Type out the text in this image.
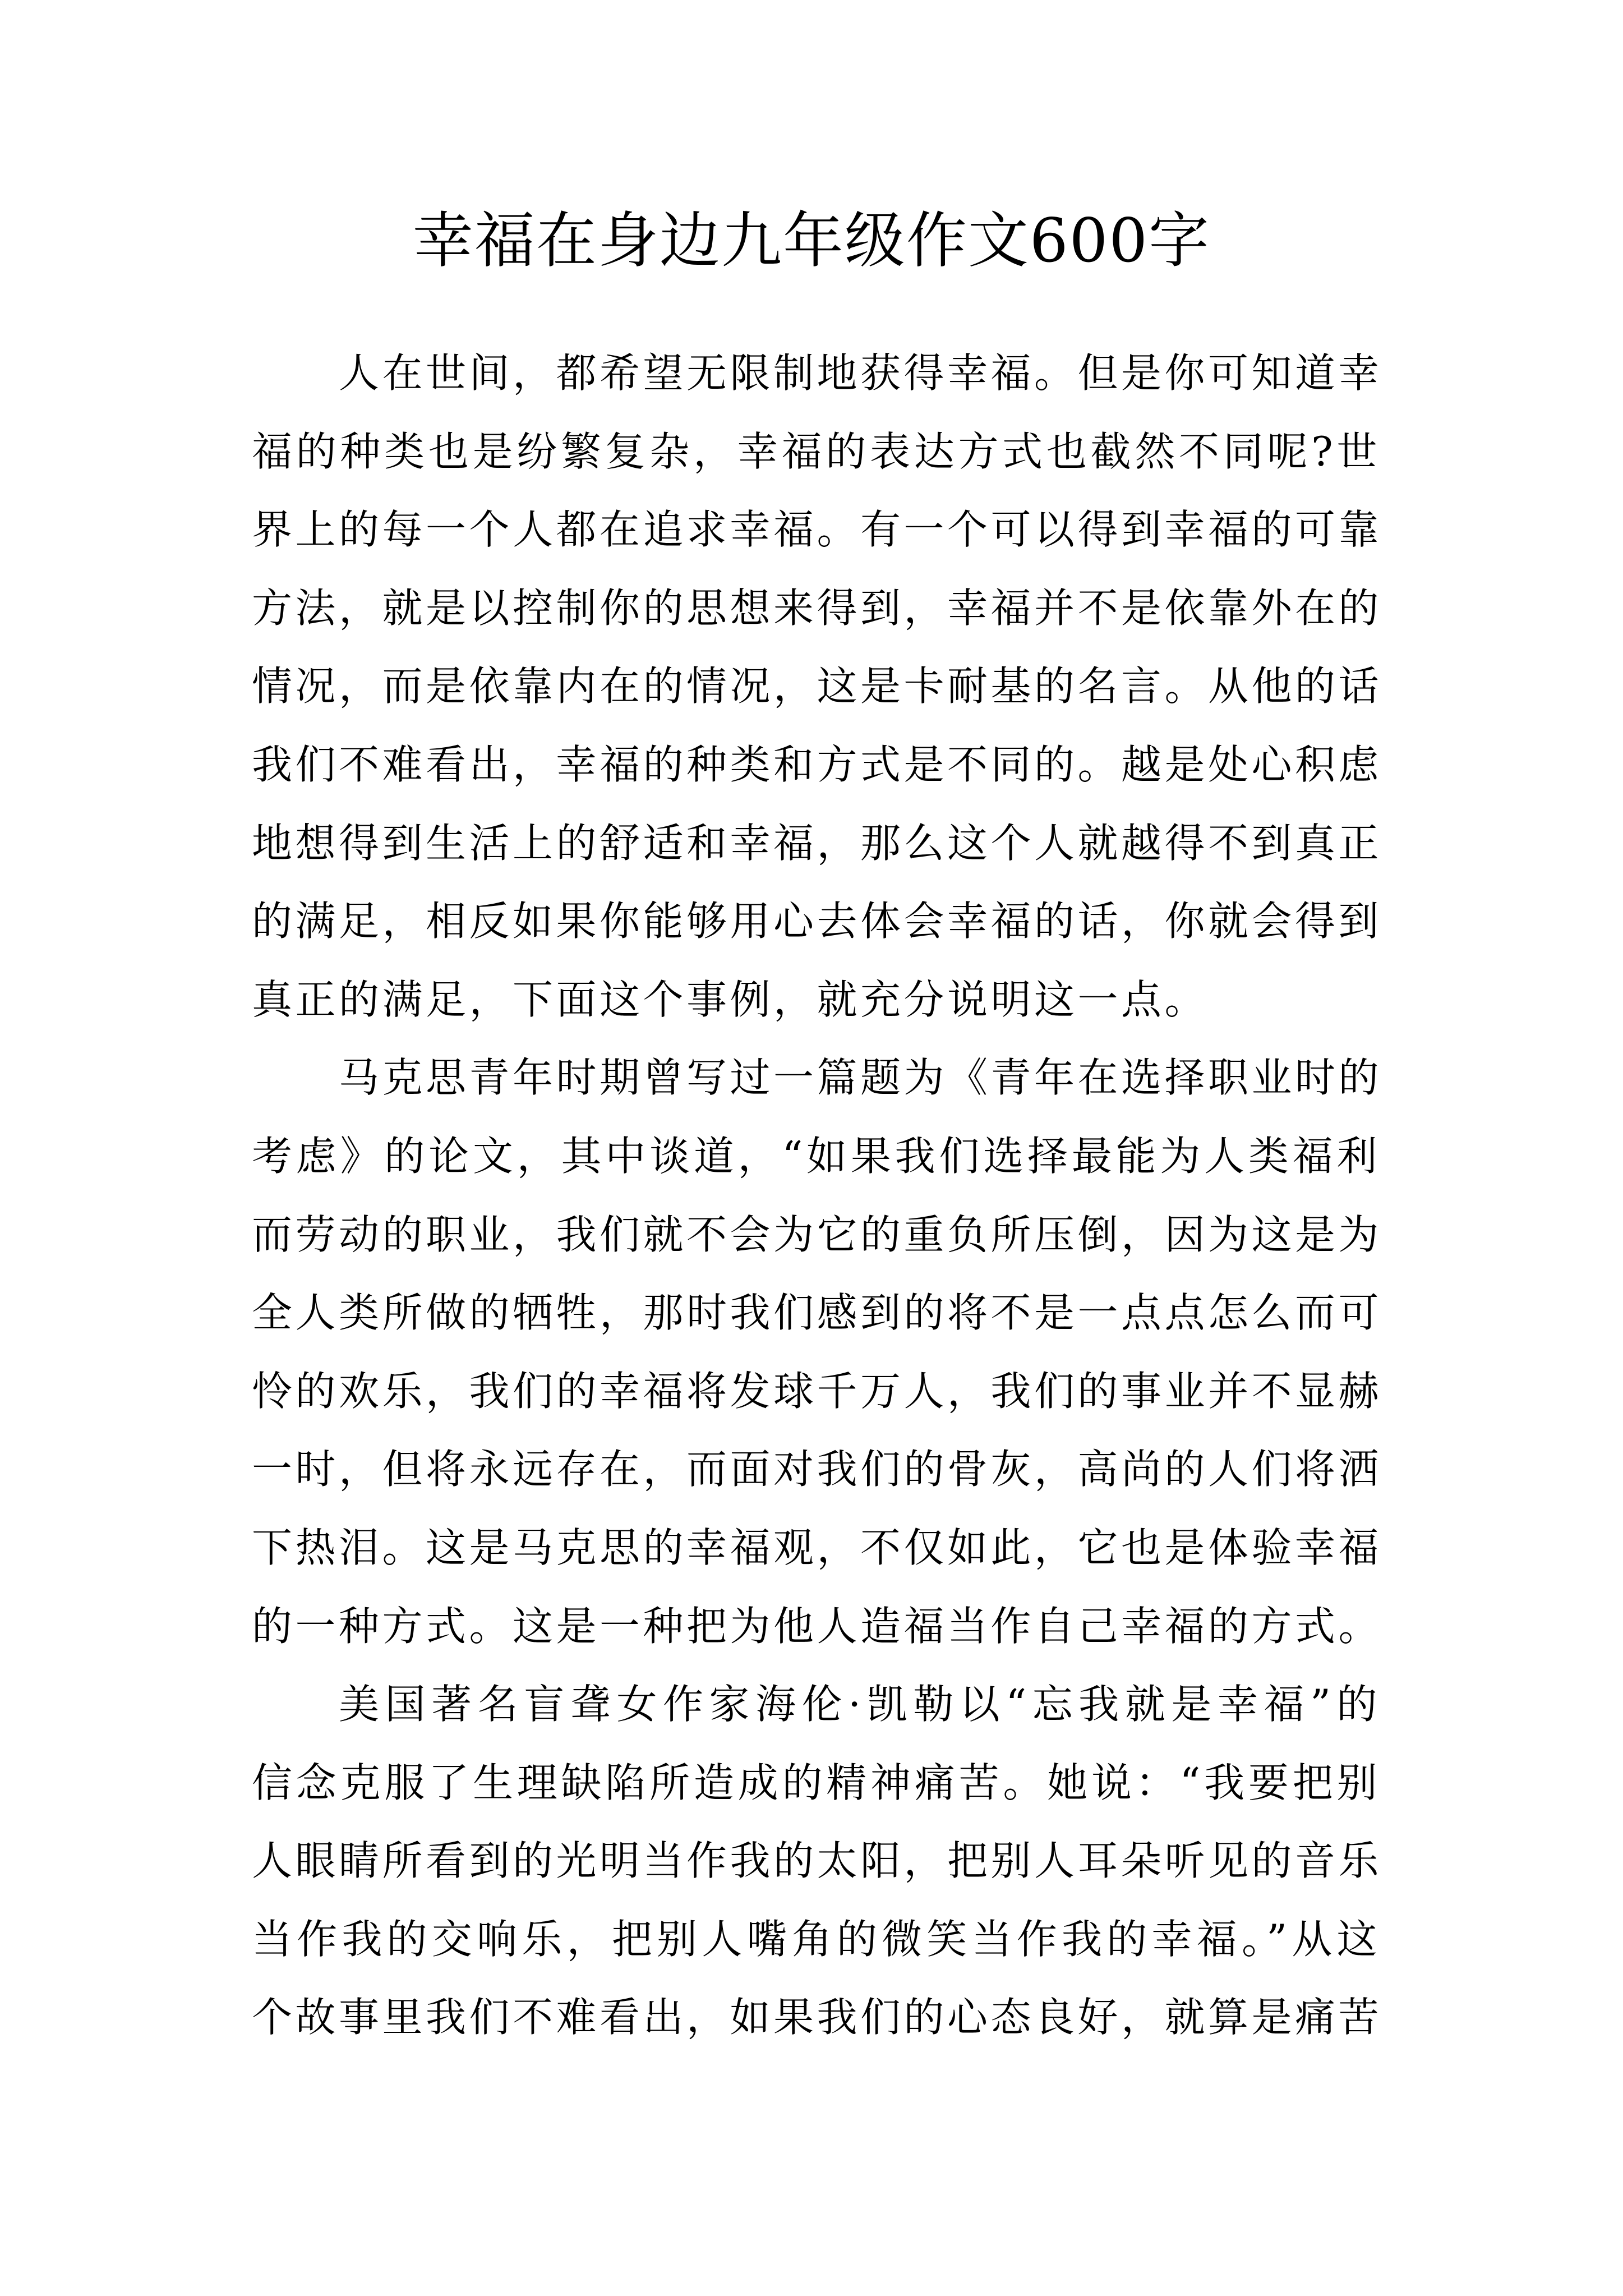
幸福在身边九年级作文600字

人在世间，都希望无限制地获得幸福。但是你可知道幸
福的种类也是纷繁复杂，幸福的表达方式也截然不同呢?世
界上的每一个人都在追求幸福。有一个可以得到幸福的可靠
方法，就是以控制你的思想来得到，幸福并不是依靠外在的
情况，而是依靠内在的情况，这是卡耐基的名言。从他的话
我们不难看出，幸福的种类和方式是不同的。越是处心积虑
地想得到生活上的舒适和幸福，那么这个人就越得不到真正
的满足，相反如果你能够用心去体会幸福的话，你就会得到
真正的满足，下面这个事例，就充分说明这一点。

马克思青年时期曾写过一篇题为《青年在选择职业时的
考虑》的论文，其中谈道，“如果我们选择最能为人类福利
而劳动的职业，我们就不会为它的重负所压倒，因为这是为
全人类所做的牺牲，那时我们感到的将不是一点点怎么而可
怜的欢乐，我们的幸福将发球千万人，我们的事业并不显赫
一时，但将永远存在，而面对我们的骨灰，高尚的人们将洒
下热泪。这是马克思的幸福观，不仅如此，它也是体验幸福
的一种方式。这是一种把为他人造福当作自己幸福的方式。

美国著名盲聋女作家海伦·凯勒以“忘我就是幸福”的
信念克服了生理缺陷所造成的精神痛苦。她说：“我要把别
人眼睛所看到的光明当作我的太阳，把别人耳朵听见的音乐
当作我的交响乐，把别人嘴角的微笑当作我的幸福。”从这
个故事里我们不难看出，如果我们的心态良好，就算是痛苦
